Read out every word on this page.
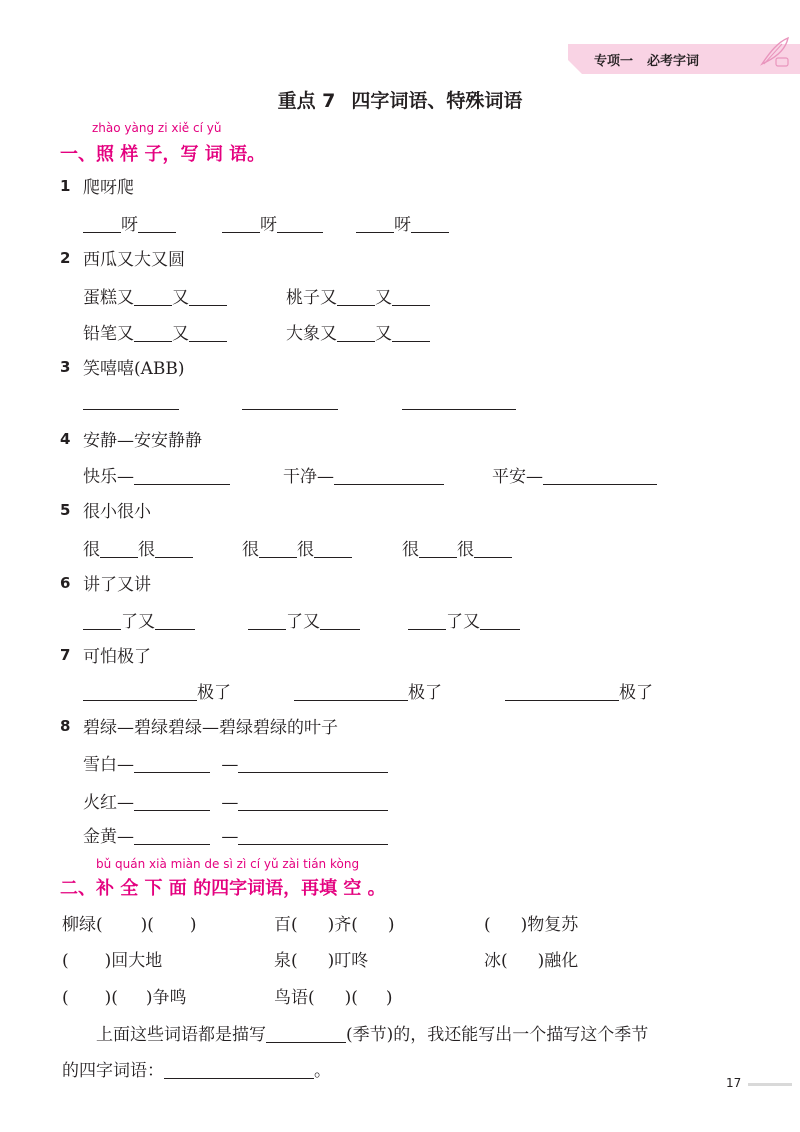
专项一 必考字词
重点 7 四字词语、特殊词语
zhào yàng zi xiě cí yǔ
一、照 样 子，写 词 语。
1 爬呀爬
呀	呀	呀
2 西瓜又大又圆
蛋糕又 又	桃子又 又
铅笔又 又	大象又 又
3 笑嘻嘻(ABB)
4 安静—安安静静
快乐—	干净—	平安—
5 很小很小
很 很	很 很	很 很
6 讲了又讲
了又	了又	了又
7 可怕极了
极了	极了	极了
8 碧绿—碧绿碧绿—碧绿碧绿的叶子
雪白—	—
火红—	—
金黄—	—
bǔ quán xià miàn de sì zì cí yǔ zài tián kòng
二、补 全 下 面 的四字词语，再填 空 。
柳绿( )( )	百( )齐( )	( )物复苏
( )回大地	泉( )叮咚	冰( )融化
( )( )争鸣	鸟语( )( )
上面这些词语都是描写	(季节)的，我还能写出一个描写这个季节
的四字词语：	。
17
